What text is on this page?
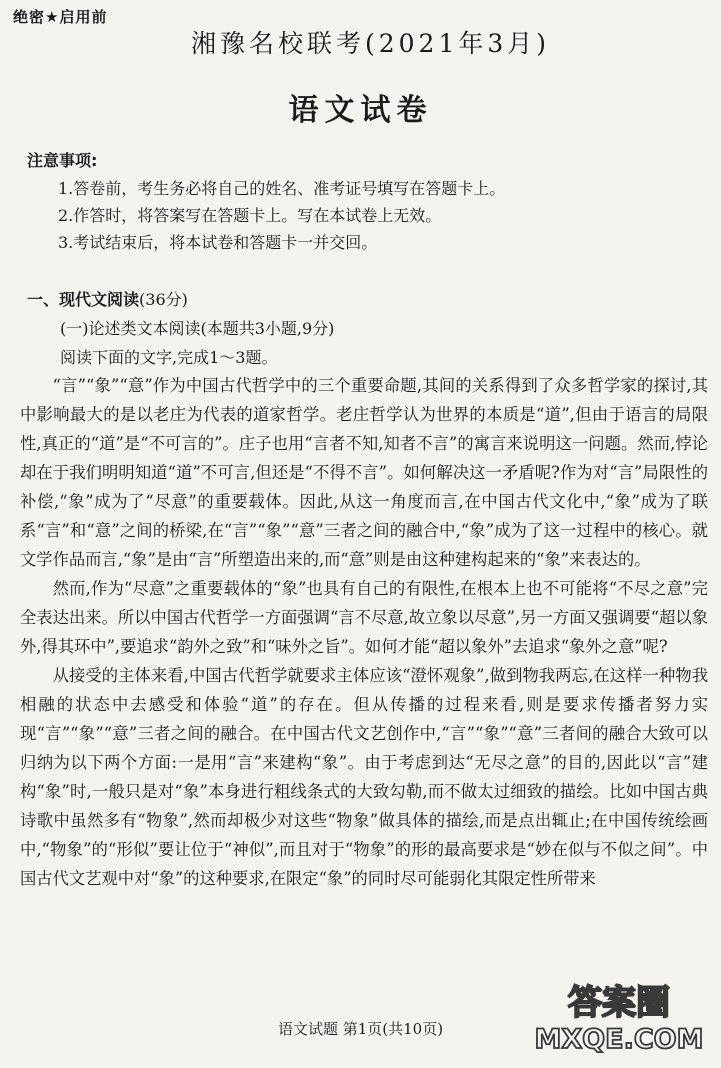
绝密★启用前
湘豫名校联考(2021年3月)
语文试卷
注意事项:
1.答卷前，考生务必将自己的姓名、准考证号填写在答题卡上。
2.作答时，将答案写在答题卡上。写在本试卷上无效。
3.考试结束后，将本试卷和答题卡一并交回。
一、现代文阅读(36分)
(一)论述类文本阅读(本题共3小题,9分)
阅读下面的文字,完成1～3题。

“言”“象”“意”作为中国古代哲学中的三个重要命题,其间的关系得到了众多哲学家的探讨,其中影响最大的是以老庄为代表的道家哲学。老庄哲学认为世界的本质是“道”,但由于语言的局限性,真正的“道”是“不可言的”。庄子也用“言者不知,知者不言”的寓言来说明这一问题。然而,悖论却在于我们明明知道“道”不可言,但还是“不得不言”。如何解决这一矛盾呢?作为对“言”局限性的补偿,“象”成为了“尽意”的重要载体。因此,从这一角度而言,在中国古代文化中,“象”成为了联系“言”和“意”之间的桥梁,在“言”“象”“意”三者之间的融合中,“象”成为了这一过程中的核心。就文学作品而言,“象”是由“言”所塑造出来的,而“意”则是由这种建构起来的“象”来表达的。

然而,作为“尽意”之重要载体的“象”也具有自己的有限性,在根本上也不可能将“不尽之意”完全表达出来。所以中国古代哲学一方面强调“言不尽意,故立象以尽意”,另一方面又强调要“超以象外,得其环中”,要追求“韵外之致”和“味外之旨”。如何才能“超以象外”去追求“象外之意”呢?

从接受的主体来看,中国古代哲学就要求主体应该“澄怀观象”,做到物我两忘,在这样一种物我相融的状态中去感受和体验“道”的存在。但从传播的过程来看,则是要求传播者努力实现“言”“象”“意”三者之间的融合。在中国古代文艺创作中,“言”“象”“意”三者间的融合大致可以归纳为以下两个方面:一是用“言”来建构“象”。由于考虑到达“无尽之意”的目的,因此以“言”建构“象”时,一般只是对“象”本身进行粗线条式的大致勾勒,而不做太过细致的描绘。比如中国古典诗歌中虽然多有“物象”,然而却极少对这些“物象”做具体的描绘,而是点出辄止;在中国传统绘画中,“物象”的“形似”要让位于“神似”,而且对于“物象”的形的最高要求是“妙在似与不似之间”。中国古代文艺观中对“象”的这种要求,在限定“象”的同时尽可能弱化其限定性所带来

语文试题 第1页(共10页)
答案圈
MXQE.COM
